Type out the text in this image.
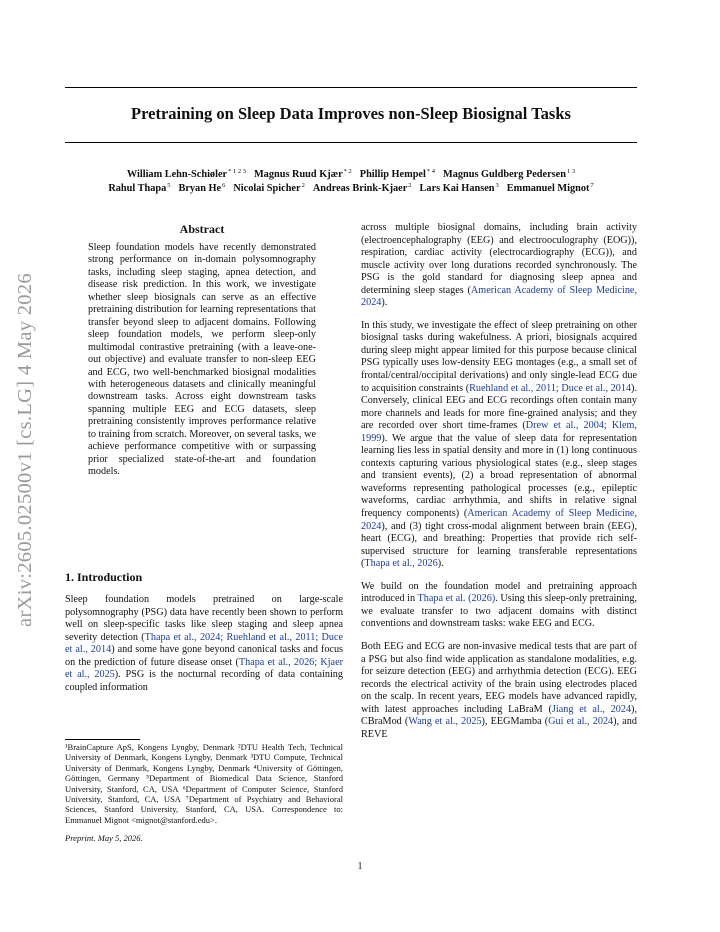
Pretraining on Sleep Data Improves non-Sleep Biosignal Tasks
William Lehn-Schiøler$^{* 1 2 3}$ Magnus Ruud Kjær$^{* 2}$ Phillip Hempel$^{* 4}$ Magnus Guldberg Pedersen$^{1 3}$
Rahul Thapa$^5$ Bryan He$^6$ Nicolai Spicher$^2$ Andreas Brink-Kjaer$^2$ Lars Kai Hansen$^3$ Emmanuel Mignot$^7$
arXiv:2605.02500v1 [cs.LG] 4 May 2026
Abstract
Sleep foundation models have recently demonstrated strong performance on in-domain polysomnography tasks, including sleep staging, apnea detection, and disease risk prediction. In this work, we investigate whether sleep biosignals can serve as an effective pretraining distribution for learning representations that transfer beyond sleep to adjacent domains. Following sleep foundation models, we perform sleep-only multimodal contrastive pretraining (with a leave-one-out objective) and evaluate transfer to non-sleep EEG and ECG, two well-benchmarked biosignal modalities with heterogeneous datasets and clinically meaningful downstream tasks. Across eight downstream tasks spanning multiple EEG and ECG datasets, sleep pretraining consistently improves performance relative to training from scratch. Moreover, on several tasks, we achieve performance competitive with or surpassing prior specialized state-of-the-art and foundation models.
1. Introduction
Sleep foundation models pretrained on large-scale polysomnography (PSG) data have recently been shown to perform well on sleep-specific tasks like sleep staging and sleep apnea severity detection (Thapa et al., 2024; Ruehland et al., 2011; Duce et al., 2014) and some have gone beyond canonical tasks and focus on the prediction of future disease onset (Thapa et al., 2026; Kjaer et al., 2025). PSG is the nocturnal recording of data containing coupled information
¹BrainCapture ApS, Kongens Lyngby, Denmark ²DTU Health Tech, Technical University of Denmark, Kongens Lyngby, Denmark ³DTU Compute, Technical University of Denmark, Kongens Lyngby, Denmark ⁴University of Göttingen, Göttingen, Germany ⁵Department of Biomedical Data Science, Stanford University, Stanford, CA, USA ⁶Department of Computer Science, Stanford University, Stanford, CA, USA ⁷Department of Psychiatry and Behavioral Sciences, Stanford University, Stanford, CA, USA. Correspondence to: Emmanuel Mignot <mignot@stanford.edu>.
Preprint. May 5, 2026.

across multiple biosignal domains, including brain activity (electroencephalography (EEG) and electrooculography (EOG)), respiration, cardiac activity (electrocardiography (ECG)), and muscle activity over long durations recorded synchronously. The PSG is the gold standard for diagnosing sleep apnea and determining sleep stages (American Academy of Sleep Medicine, 2024).

In this study, we investigate the effect of sleep pretraining on other biosignal tasks during wakefulness. A priori, biosignals acquired during sleep might appear limited for this purpose because clinical PSG typically uses low-density EEG montages (e.g., a small set of frontal/central/occipital derivations) and only single-lead ECG due to acquisition constraints (Ruehland et al., 2011; Duce et al., 2014). Conversely, clinical EEG and ECG recordings often contain many more channels and leads for more fine-grained analysis; and they are recorded over short time-frames (Drew et al., 2004; Klem, 1999). We argue that the value of sleep data for representation learning lies less in spatial density and more in (1) long continuous contexts capturing various physiological states (e.g., sleep stages and transient events), (2) a broad representation of abnormal waveforms representing pathological processes (e.g., epileptic waveforms, cardiac arrhythmia, and shifts in relative signal frequency components) (American Academy of Sleep Medicine, 2024), and (3) tight cross-modal alignment between brain (EEG), heart (ECG), and breathing: Properties that provide rich self-supervised structure for learning transferable representations (Thapa et al., 2026).

We build on the foundation model and pretraining approach introduced in Thapa et al. (2026). Using this sleep-only pretraining, we evaluate transfer to two adjacent domains with distinct conventions and downstream tasks: wake EEG and ECG.

Both EEG and ECG are non-invasive medical tests that are part of a PSG but also find wide application as standalone modalities, e.g. for seizure detection (EEG) and arrhythmia detection (ECG). EEG records the electrical activity of the brain using electrodes placed on the scalp. In recent years, EEG models have advanced rapidly, with latest approaches including LaBraM (Jiang et al., 2024), CBraMod (Wang et al., 2025), EEGMamba (Gui et al., 2024), and REVE

1
